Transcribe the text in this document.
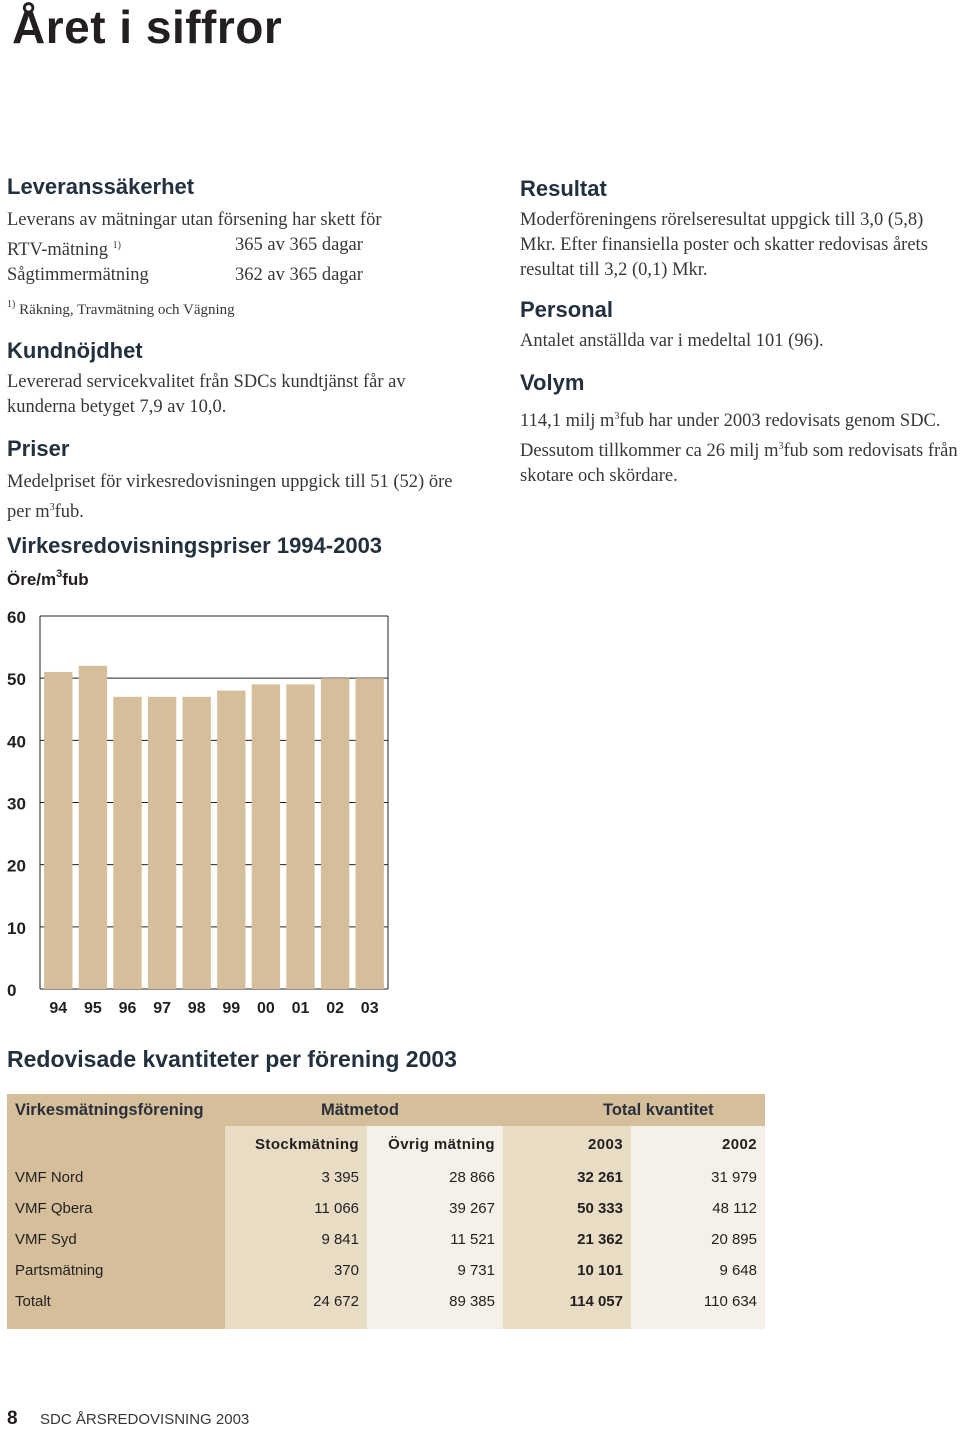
Året i siffror
Leveranssäkerhet

Leverans av mätningar utan försening har skett för

RTV-mätning $^{1)}$	365 av 365 dagar
Sågtimmermätning	362 av 365 dagar

$^{1)}$ Räkning, Travmätning och Vägning

Kundnöjdhet

Levererad servicekvalitet från SDCs kundtjänst får av kunderna betyget 7,9 av 10,0.

Priser

Medelpriset för virkesredovisningen uppgick till 51 (52) öre per $m^3fub$.

Resultat

Moderföreningens rörelseresultat uppgick till 3,0 (5,8) Mkr. Efter finansiella poster och skatter redovisas årets resultat till 3,2 (0,1) Mkr.

Personal

Antalet anställda var i medeltal 101 (96).

Volym

114,1 milj $m^3fub$ har under 2003 redovisats genom SDC. Dessutom tillkommer ca 26 milj $m^3fub$ som redovisats från skotare och skördare.

Virkesredovisningspriser 1994-2003
Öre/$m^3fub$
0
10
20
30
40
50
60
94 95 96 97 98 99 00 01 02 03
Redovisade kvantiteter per förening 2003
Virkesmätningsförening	Mätmetod		Total kvantitet	
	Stockmätning	Övrig mätning	2003	2002
VMF Nord	3 395	28 866	32 261	31 979
VMF Qbera	11 066	39 267	50 333	48 112
VMF Syd	9 841	11 521	21 362	20 895
Partsmätning	370	9 731	10 101	9 648
Totalt	24 672	89 385	114 057	110 634

8 SDC ÅRSREDOVISNING 2003
